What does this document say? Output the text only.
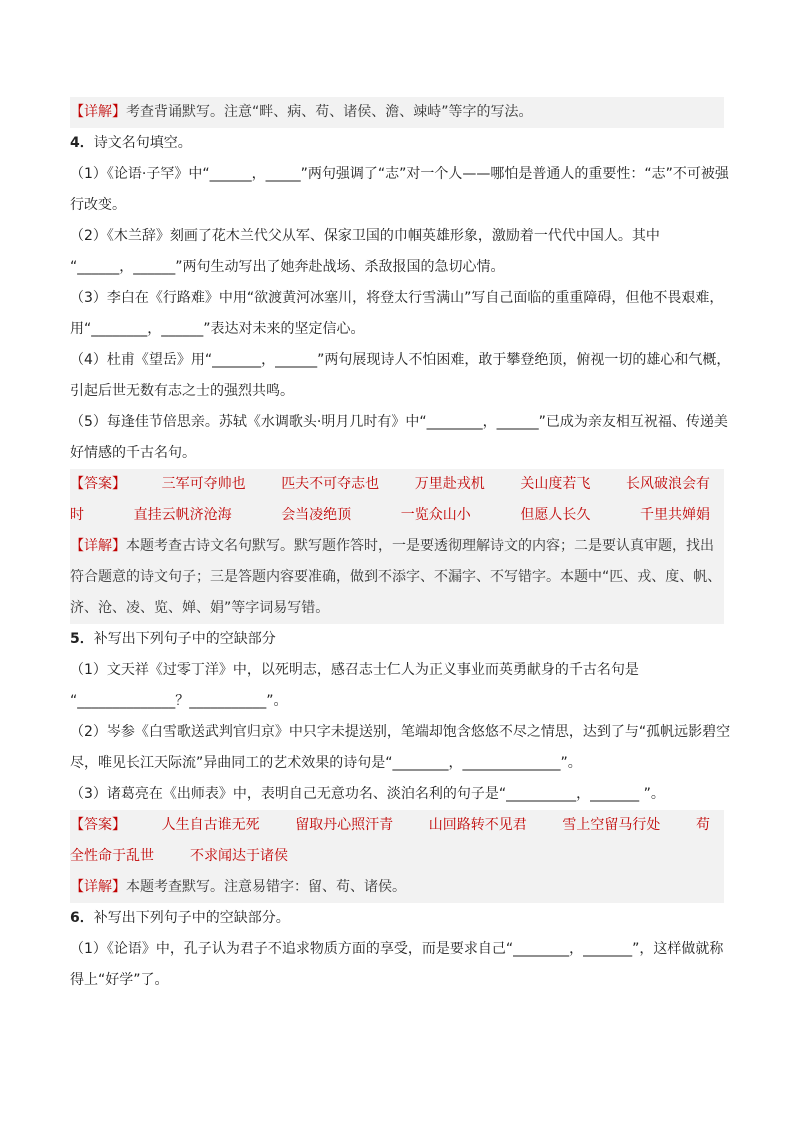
【详解】考查背诵默写。注意“畔、病、苟、诸侯、澹、竦峙”等字的写法。
4．诗文名句填空。
（1）《论语·子罕》中“______，_____”两句强调了“志”对一个人——哪怕是普通人的重要性：“志”不可被强
行改变。
（2）《木兰辞》刻画了花木兰代父从军、保家卫国的巾帼英雄形象，激励着一代代中国人。其中
“______，______”两句生动写出了她奔赴战场、杀敌报国的急切心情。
（3）李白在《行路难》中用“欲渡黄河冰塞川，将登太行雪满山”写自己面临的重重障碍，但他不畏艰难，
用“________，______”表达对未来的坚定信心。
（4）杜甫《望岳》用“_______，______”两句展现诗人不怕困难，敢于攀登绝顶，俯视一切的雄心和气概，
引起后世无数有志之士的强烈共鸣。
（5）每逢佳节倍思亲。苏轼《水调歌头·明月几时有》中“________，______”已成为亲友相互祝福、传递美
好情感的千古名句。
【答案】	三军可夺帅也	匹夫不可夺志也	万里赴戎机	关山度若飞	长风破浪会有
时	直挂云帆济沧海	会当凌绝顶	一览众山小	但愿人长久	千里共婵娟
【详解】本题考查古诗文名句默写。默写题作答时，一是要透彻理解诗文的内容；二是要认真审题，找出
符合题意的诗文句子；三是答题内容要准确，做到不添字、不漏字、不写错字。本题中“匹、戎、度、帆、
济、沧、凌、览、婵、娟”等字词易写错。
5．补写出下列句子中的空缺部分
（1）文天祥《过零丁洋》中，以死明志，感召志士仁人为正义事业而英勇献身的千古名句是
“______________？___________”。
（2）岑参《白雪歌送武判官归京》中只字未提送别，笔端却饱含悠悠不尽之情思，达到了与“孤帆远影碧空
尽，唯见长江天际流”异曲同工的艺术效果的诗句是“________，______________”。
（3）诸葛亮在《出师表》中，表明自己无意功名、淡泊名利的句子是“__________，_______ ”。
【答案】	人生自古谁无死	留取丹心照汗青	山回路转不见君	雪上空留马行处	苟
全性命于乱世	不求闻达于诸侯
【详解】本题考查默写。注意易错字：留、苟、诸侯。
6．补写出下列句子中的空缺部分。
（1）《论语》中，孔子认为君子不追求物质方面的享受，而是要求自己“________，_______”，这样做就称
得上“好学”了。
